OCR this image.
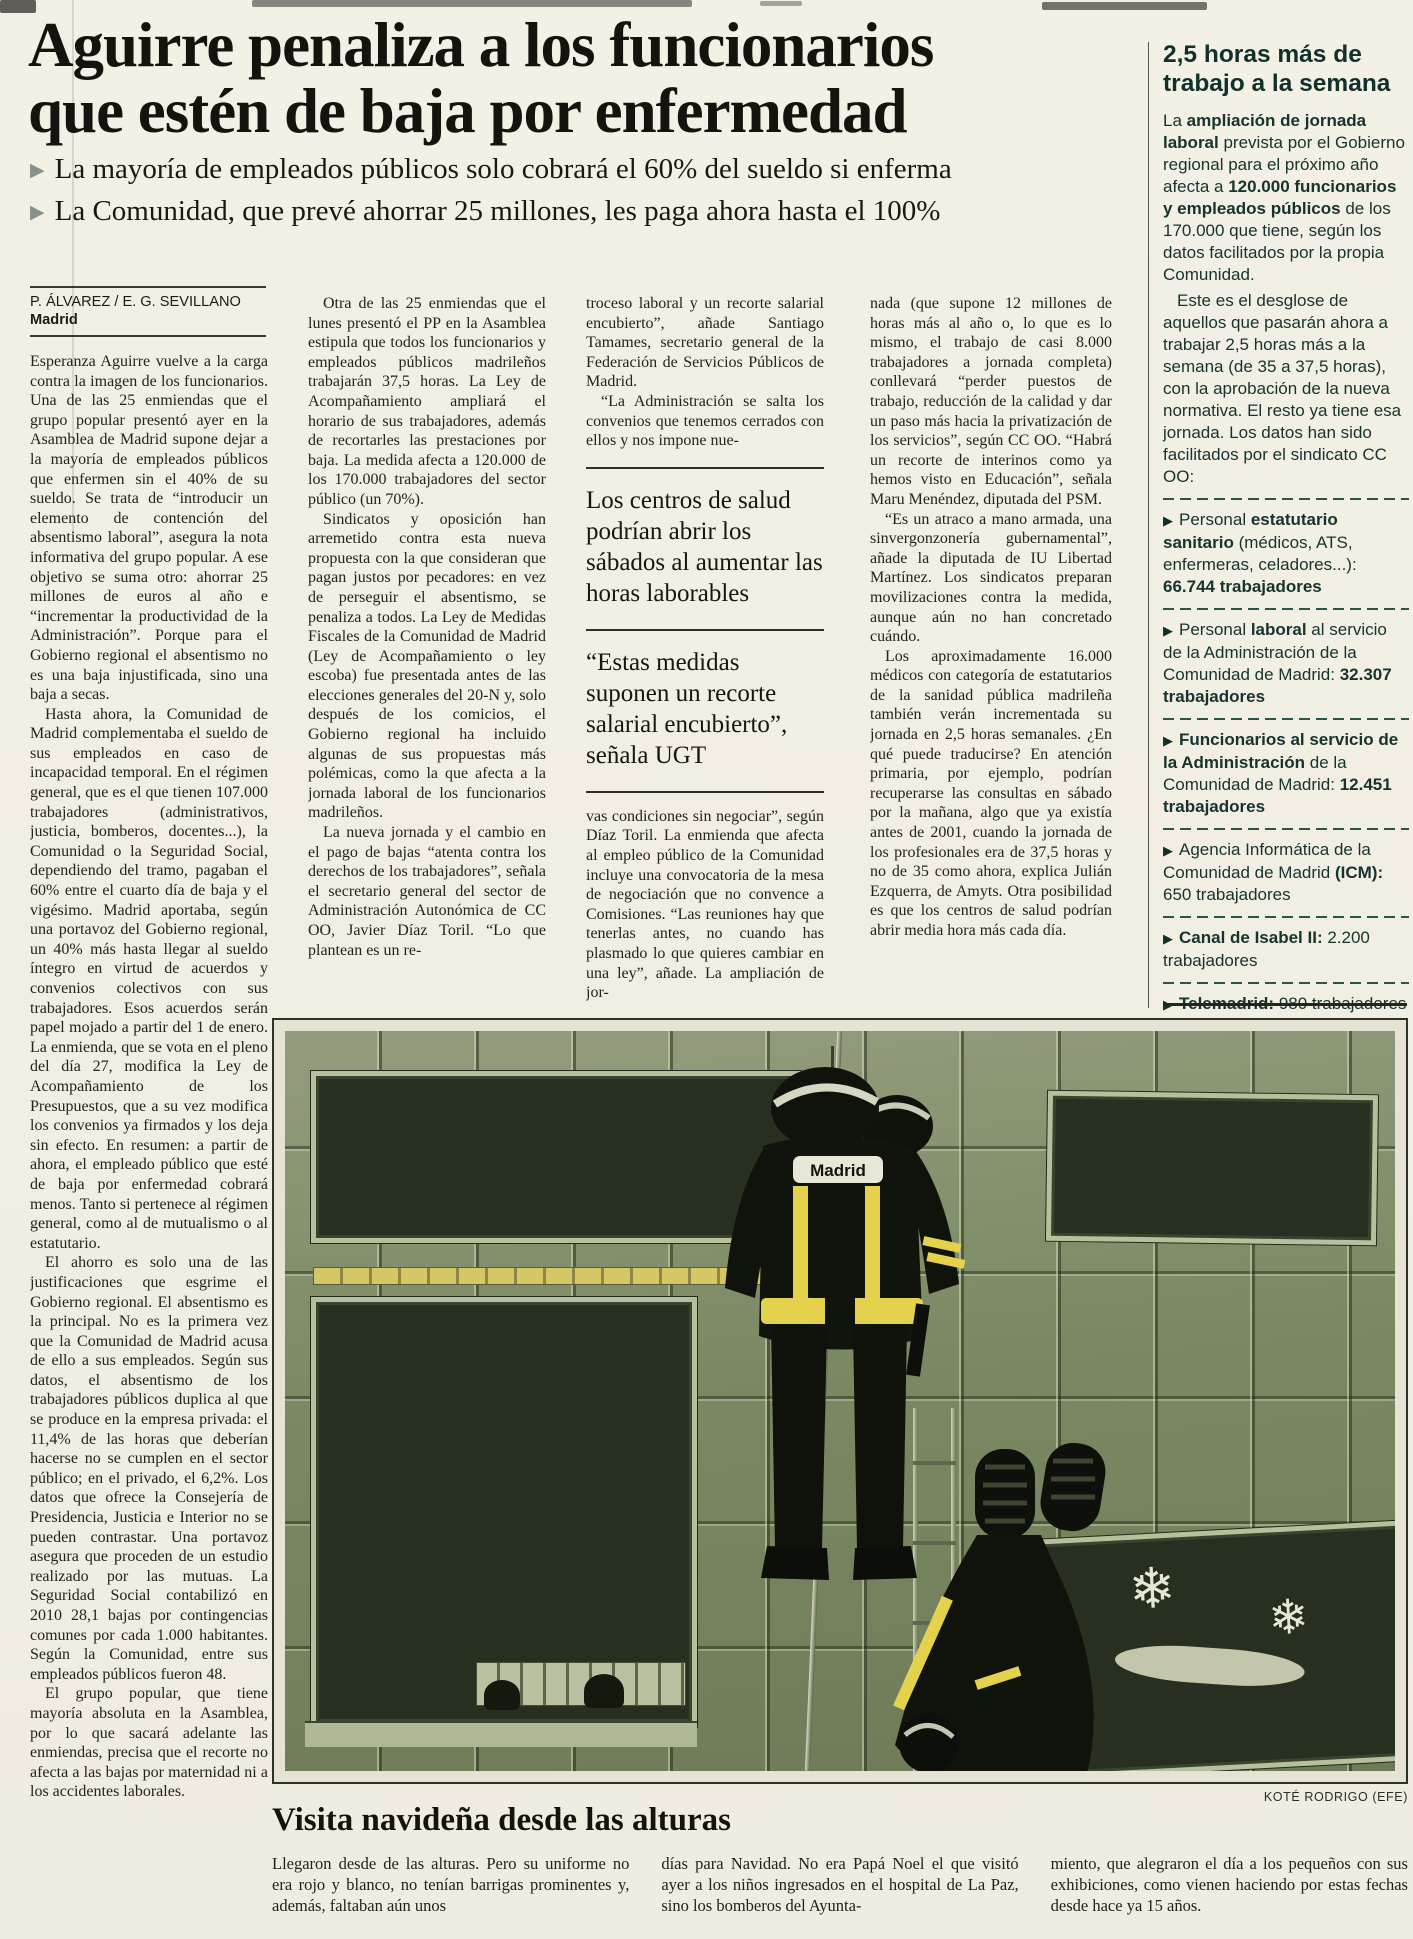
Aguirre penaliza a los funcionarios
que estén de baja por enfermedad
▶ La mayoría de empleados públicos solo cobrará el 60% del sueldo si enferma
▶ La Comunidad, que prevé ahorrar 25 millones, les paga ahora hasta el 100%
P. ÁLVAREZ / E. G. SEVILLANO
Madrid

Esperanza Aguirre vuelve a la carga contra la imagen de los funcionarios. Una de las 25 enmiendas que el grupo popular presentó ayer en la Asamblea de Madrid supone dejar a la mayoría de empleados públicos que enfermen sin el 40% de su sueldo. Se trata de “introducir un elemento de contención del absentismo laboral”, asegura la nota informativa del grupo popular. A ese objetivo se suma otro: ahorrar 25 millones de euros al año e “incrementar la productividad de la Administración”. Porque para el Gobierno regional el absentismo no es una baja injustificada, sino una baja a secas.

Hasta ahora, la Comunidad de Madrid complementaba el sueldo de sus empleados en caso de incapacidad temporal. En el régimen general, que es el que tienen 107.000 trabajadores (administrativos, justicia, bomberos, docentes...), la Comunidad o la Seguridad Social, dependiendo del tramo, pagaban el 60% entre el cuarto día de baja y el vigésimo. Madrid aportaba, según una portavoz del Gobierno regional, un 40% más hasta llegar al sueldo íntegro en virtud de acuerdos y convenios colectivos con sus trabajadores. Esos acuerdos serán papel mojado a partir del 1 de enero. La enmienda, que se vota en el pleno del día 27, modifica la Ley de Acompañamiento de los Presupuestos, que a su vez modifica los convenios ya firmados y los deja sin efecto. En resumen: a partir de ahora, el empleado público que esté de baja por enfermedad cobrará menos. Tanto si pertenece al régimen general, como al de mutualismo o al estatutario.

El ahorro es solo una de las justificaciones que esgrime el Gobierno regional. El absentismo es la principal. No es la primera vez que la Comunidad de Madrid acusa de ello a sus empleados. Según sus datos, el absentismo de los trabajadores públicos duplica al que se produce en la empresa privada: el 11,4% de las horas que deberían hacerse no se cumplen en el sector público; en el privado, el 6,2%. Los datos que ofrece la Consejería de Presidencia, Justicia e Interior no se pueden contrastar. Una portavoz asegura que proceden de un estudio realizado por las mutuas. La Seguridad Social contabilizó en 2010 28,1 bajas por contingencias comunes por cada 1.000 habitantes. Según la Comunidad, entre sus empleados públicos fueron 48.

El grupo popular, que tiene mayoría absoluta en la Asamblea, por lo que sacará adelante las enmiendas, precisa que el recorte no afecta a las bajas por maternidad ni a los accidentes laborales.

Otra de las 25 enmiendas que el lunes presentó el PP en la Asamblea estipula que todos los funcionarios y empleados públicos madrileños trabajarán 37,5 horas. La Ley de Acompañamiento ampliará el horario de sus trabajadores, además de recortarles las prestaciones por baja. La medida afecta a 120.000 de los 170.000 trabajadores del sector público (un 70%).

Sindicatos y oposición han arremetido contra esta nueva propuesta con la que consideran que pagan justos por pecadores: en vez de perseguir el absentismo, se penaliza a todos. La Ley de Medidas Fiscales de la Comunidad de Madrid (Ley de Acompañamiento o ley escoba) fue presentada antes de las elecciones generales del 20-N y, solo después de los comicios, el Gobierno regional ha incluido algunas de sus propuestas más polémicas, como la que afecta a la jornada laboral de los funcionarios madrileños.

La nueva jornada y el cambio en el pago de bajas “atenta contra los derechos de los trabajadores”, señala el secretario general del sector de Administración Autonómica de CC OO, Javier Díaz Toril. “Lo que plantean es un re-

troceso laboral y un recorte salarial encubierto”, añade Santiago Tamames, secretario general de la Federación de Servicios Públicos de Madrid.

“La Administración se salta los convenios que tenemos cerrados con ellos y nos impone nue-

Los centros de salud podrían abrir los sábados al aumentar las horas laborables
“Estas medidas suponen un recorte salarial encubierto”, señala UGT

vas condiciones sin negociar”, según Díaz Toril. La enmienda que afecta al empleo público de la Comunidad incluye una convocatoria de la mesa de negociación que no convence a Comisiones. “Las reuniones hay que tenerlas antes, no cuando has plasmado lo que quieres cambiar en una ley”, añade. La ampliación de jor-

nada (que supone 12 millones de horas más al año o, lo que es lo mismo, el trabajo de casi 8.000 trabajadores a jornada completa) conllevará “perder puestos de trabajo, reducción de la calidad y dar un paso más hacia la privatización de los servicios”, según CC OO. “Habrá un recorte de interinos como ya hemos visto en Educación”, señala Maru Menéndez, diputada del PSM.

“Es un atraco a mano armada, una sinvergonzonería gubernamental”, añade la diputada de IU Libertad Martínez. Los sindicatos preparan movilizaciones contra la medida, aunque aún no han concretado cuándo.

Los aproximadamente 16.000 médicos con categoría de estatutarios de la sanidad pública madrileña también verán incrementada su jornada en 2,5 horas semanales. ¿En qué puede traducirse? En atención primaria, por ejemplo, podrían recuperarse las consultas en sábado por la mañana, algo que ya existía antes de 2001, cuando la jornada de los profesionales era de 37,5 horas y no de 35 como ahora, explica Julián Ezquerra, de Amyts. Otra posibilidad es que los centros de salud podrían abrir media hora más cada día.

2,5 horas más de trabajo a la semana
La ampliación de jornada laboral prevista por el Gobierno regional para el próximo año afecta a 120.000 funcionarios y empleados públicos de los 170.000 que tiene, según los datos facilitados por la propia Comunidad.
Este es el desglose de aquellos que pasarán ahora a trabajar 2,5 horas más a la semana (de 35 a 37,5 horas), con la aprobación de la nueva normativa. El resto ya tiene esa jornada. Los datos han sido facilitados por el sindicato CC OO:

▶ Personal estatutario sanitario (médicos, ATS, enfermeras, celadores...): 66.744 trabajadores

▶ Personal laboral al servicio de la Administración de la Comunidad de Madrid: 32.307 trabajadores

▶ Funcionarios al servicio de la Administración de la Comunidad de Madrid: 12.451 trabajadores

▶ Agencia Informática de la Comunidad de Madrid (ICM): 650 trabajadores

▶ Canal de Isabel II: 2.200 trabajadores

❄ ❄
Madrid
KOTÉ RODRIGO (EFE)
Visita navideña desde las alturas
Llegaron desde de las alturas. Pero su uniforme no era rojo y blanco, no tenían barrigas prominentes y, además, faltaban aún unos
días para Navidad. No era Papá Noel el que visitó ayer a los niños ingresados en el hospital de La Paz, sino los bomberos del Ayunta-
miento, que alegraron el día a los pequeños con sus exhibiciones, como vienen haciendo por estas fechas desde hace ya 15 años.
